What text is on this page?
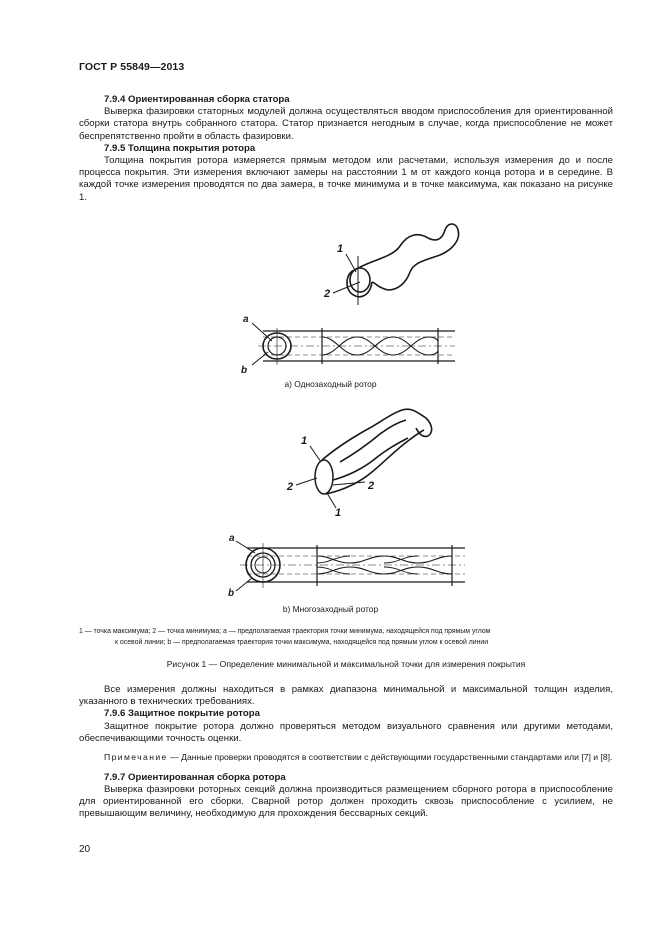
ГОСТ Р 55849—2013
7.9.4 Ориентированная сборка статора
Выверка фазировки статорных модулей должна осуществляться вводом приспособления для ориентированной сборки статора внутрь собранного статора. Статор признается негодным в случае, когда приспособление не может беспрепятственно пройти в область фазировки.
7.9.5 Толщина покрытия ротора
Толщина покрытия ротора измеряется прямым методом или расчетами, используя измерения до и после процесса покрытия. Эти измерения включают замеры на расстоянии 1 м от каждого конца ротора и в середине. В каждой точке измерения проводятся по два замера, в точке минимума и в точке максимума, как показано на рисунке 1.
1
2
a
b
a) Однозаходный ротор
1
2	2
1
a
b
b) Многозаходный ротор
1 — точка максимума; 2 — точка минимума; a — предполагаемая траектория точки минимума, находящейся под прямым углом
к осевой линии; b — предполагаемая траектория точки максимума, находящейся под прямым углом к осевой линии
Рисунок 1 — Определение минимальной и максимальной точки для измерения покрытия
Все измерения должны находиться в рамках диапазона минимальной и максимальной толщин изделия, указанного в технических требованиях.
7.9.6 Защитное покрытие ротора
Защитное покрытие ротора должно проверяться методом визуального сравнения или другими методами, обеспечивающими точность оценки.
Примечание — Данные проверки проводятся в соответствии с действующими государственными стандартами или [7] и [8].
7.9.7 Ориентированная сборка ротора
Выверка фазировки роторных секций должна производиться размещением сборного ротора в приспособление для ориентированной его сборки. Сварной ротор должен проходить сквозь приспособление с усилием, не превышающим величину, необходимую для прохождения бессварных секций.
20
